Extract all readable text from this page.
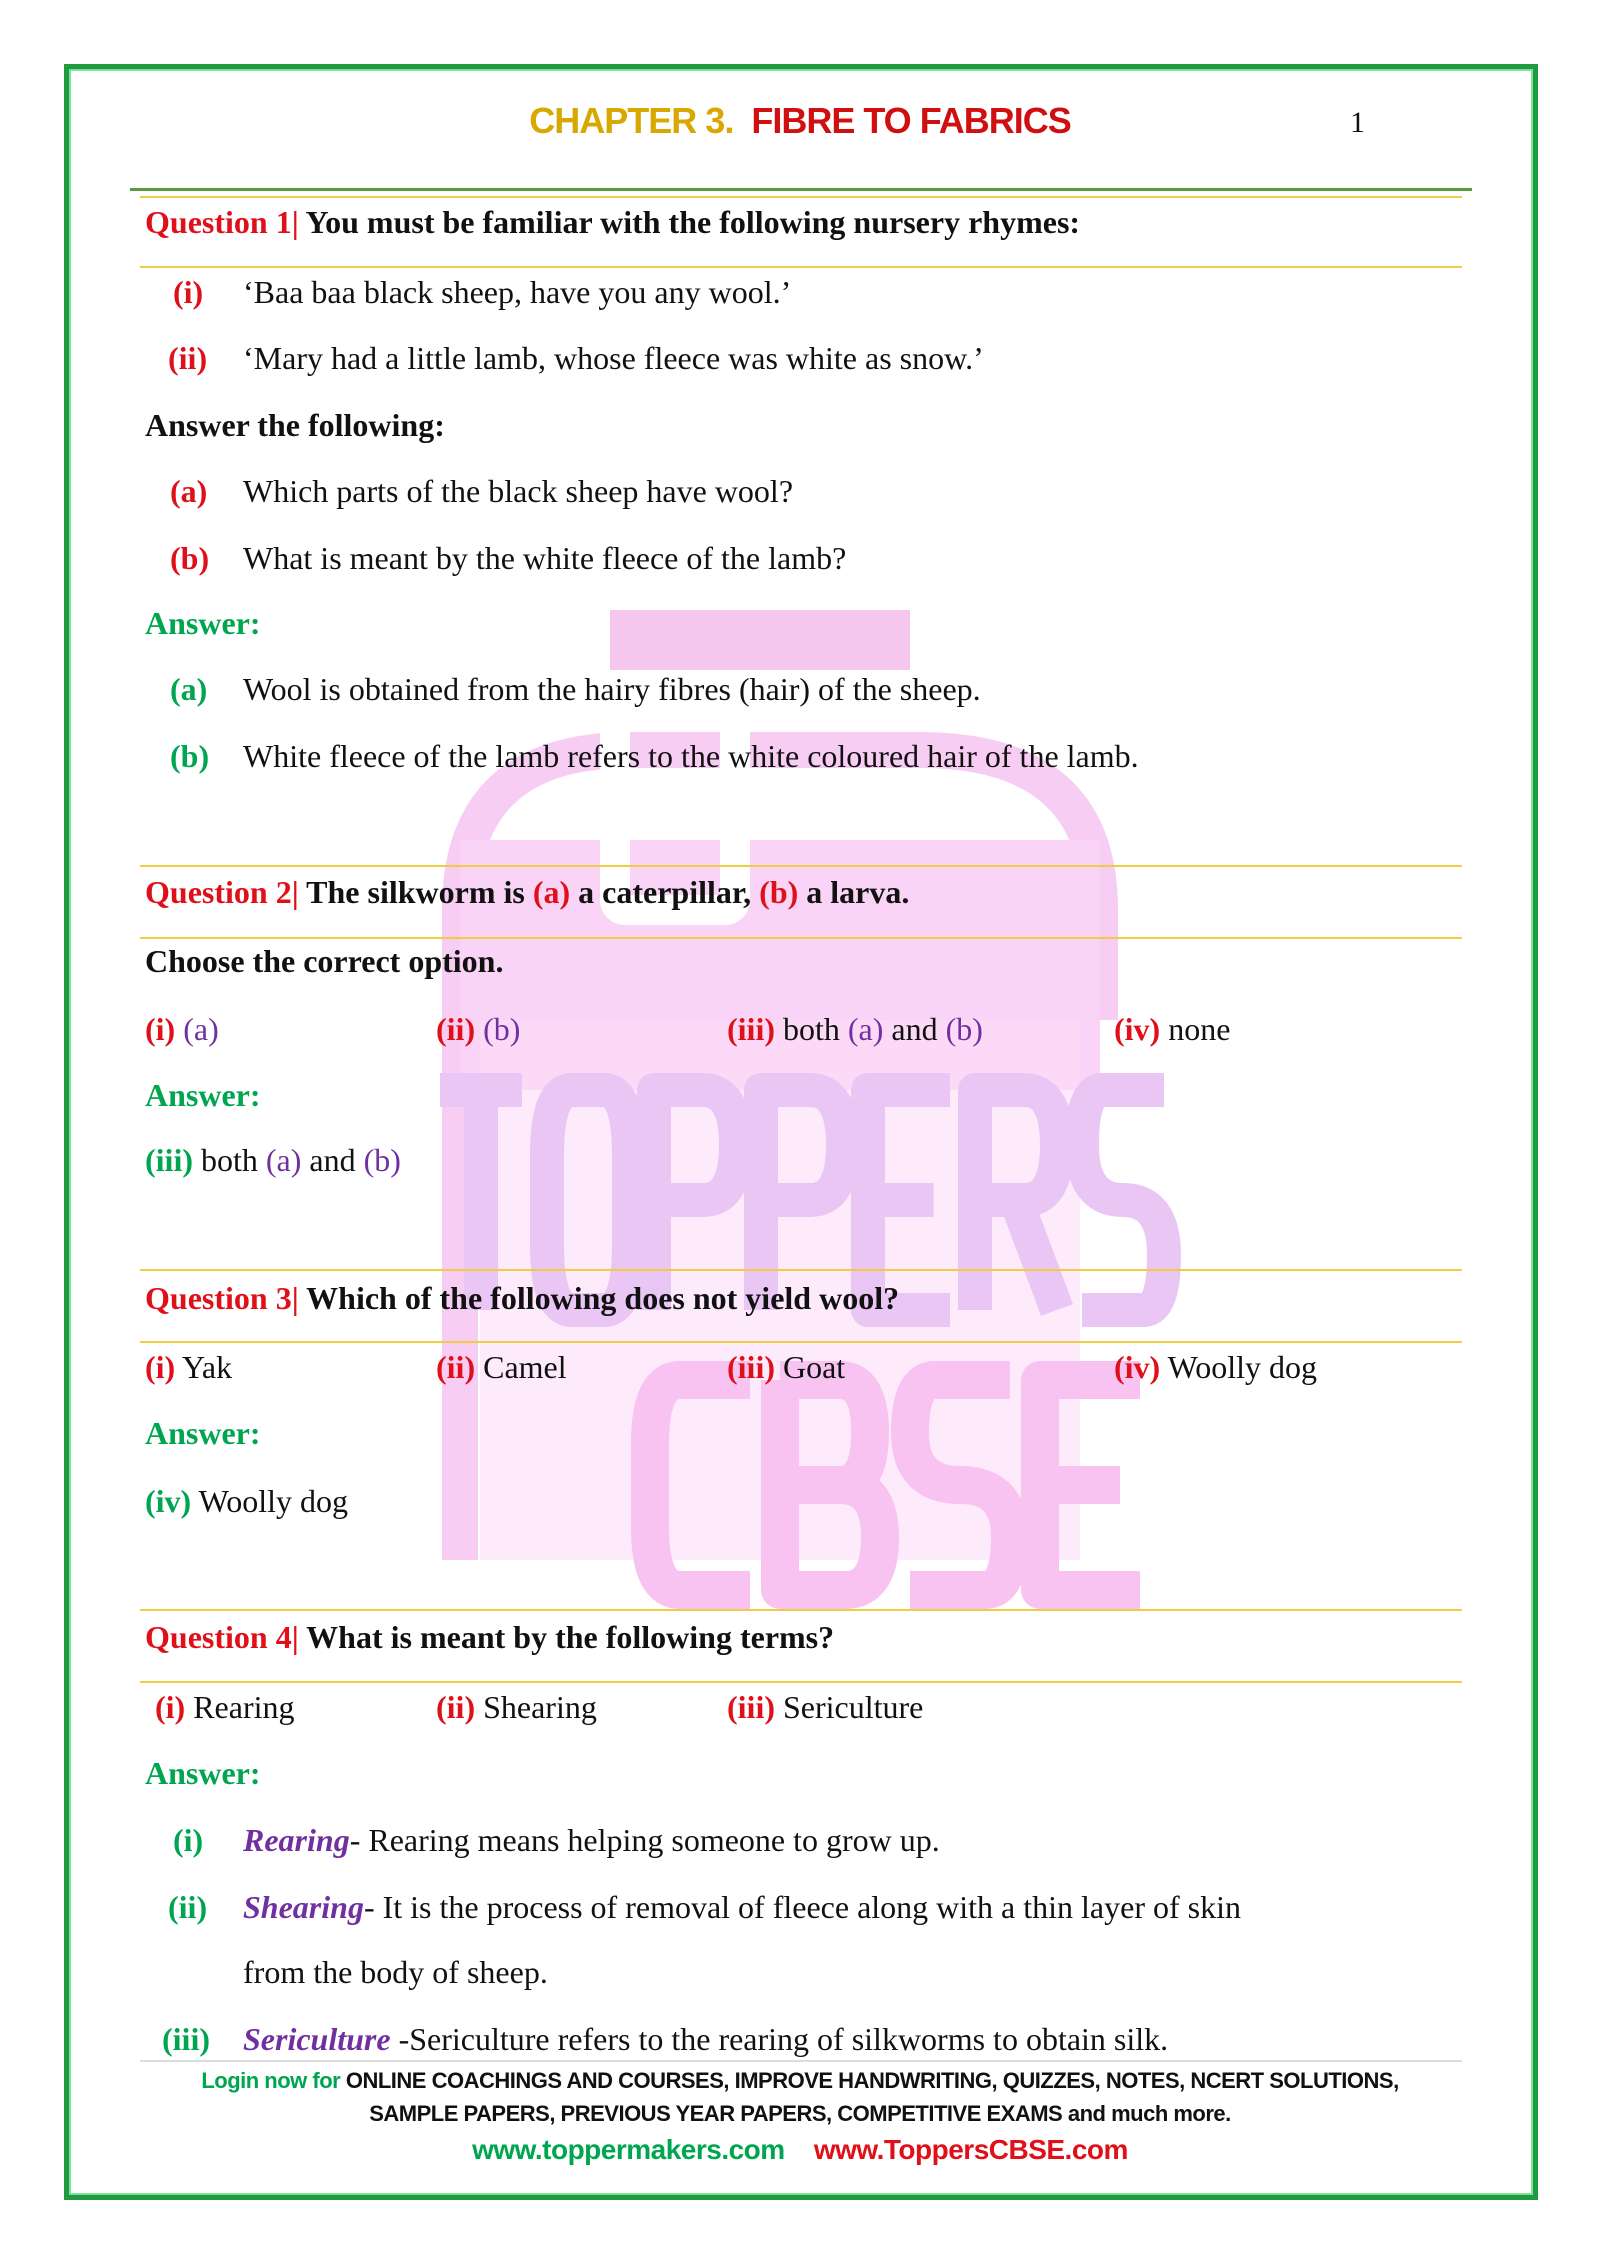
CHAPTER 3. FIBRE TO FABRICS	1
Question 1| You must be familiar with the following nursery rhymes:
(i) ‘Baa baa black sheep, have you any wool.’
(ii) ‘Mary had a little lamb, whose fleece was white as snow.’
Answer the following:
(a) Which parts of the black sheep have wool?
(b) What is meant by the white fleece of the lamb?
Answer:
(a) Wool is obtained from the hairy fibres (hair) of the sheep.
(b) White fleece of the lamb refers to the white coloured hair of the lamb.
Question 2| The silkworm is (a) a caterpillar, (b) a larva.
Choose the correct option.
(i) (a)	(ii) (b)	(iii) both (a) and (b)	(iv) none
Answer:
(iii) both (a) and (b)
Question 3| Which of the following does not yield wool?
(i) Yak	(ii) Camel	(iii) Goat	(iv) Woolly dog
Answer:
(iv) Woolly dog
Question 4| What is meant by the following terms?
(i) Rearing	(ii) Shearing	(iii) Sericulture
Answer:
(i) Rearing- Rearing means helping someone to grow up.
(ii) Shearing- It is the process of removal of fleece along with a thin layer of skin
from the body of sheep.
(iii) Sericulture -Sericulture refers to the rearing of silkworms to obtain silk.
Login now for ONLINE COACHINGS AND COURSES, IMPROVE HANDWRITING, QUIZZES, NOTES, NCERT SOLUTIONS,
SAMPLE PAPERS, PREVIOUS YEAR PAPERS, COMPETITIVE EXAMS and much more.
www.toppermakers.com www.ToppersCBSE.com
